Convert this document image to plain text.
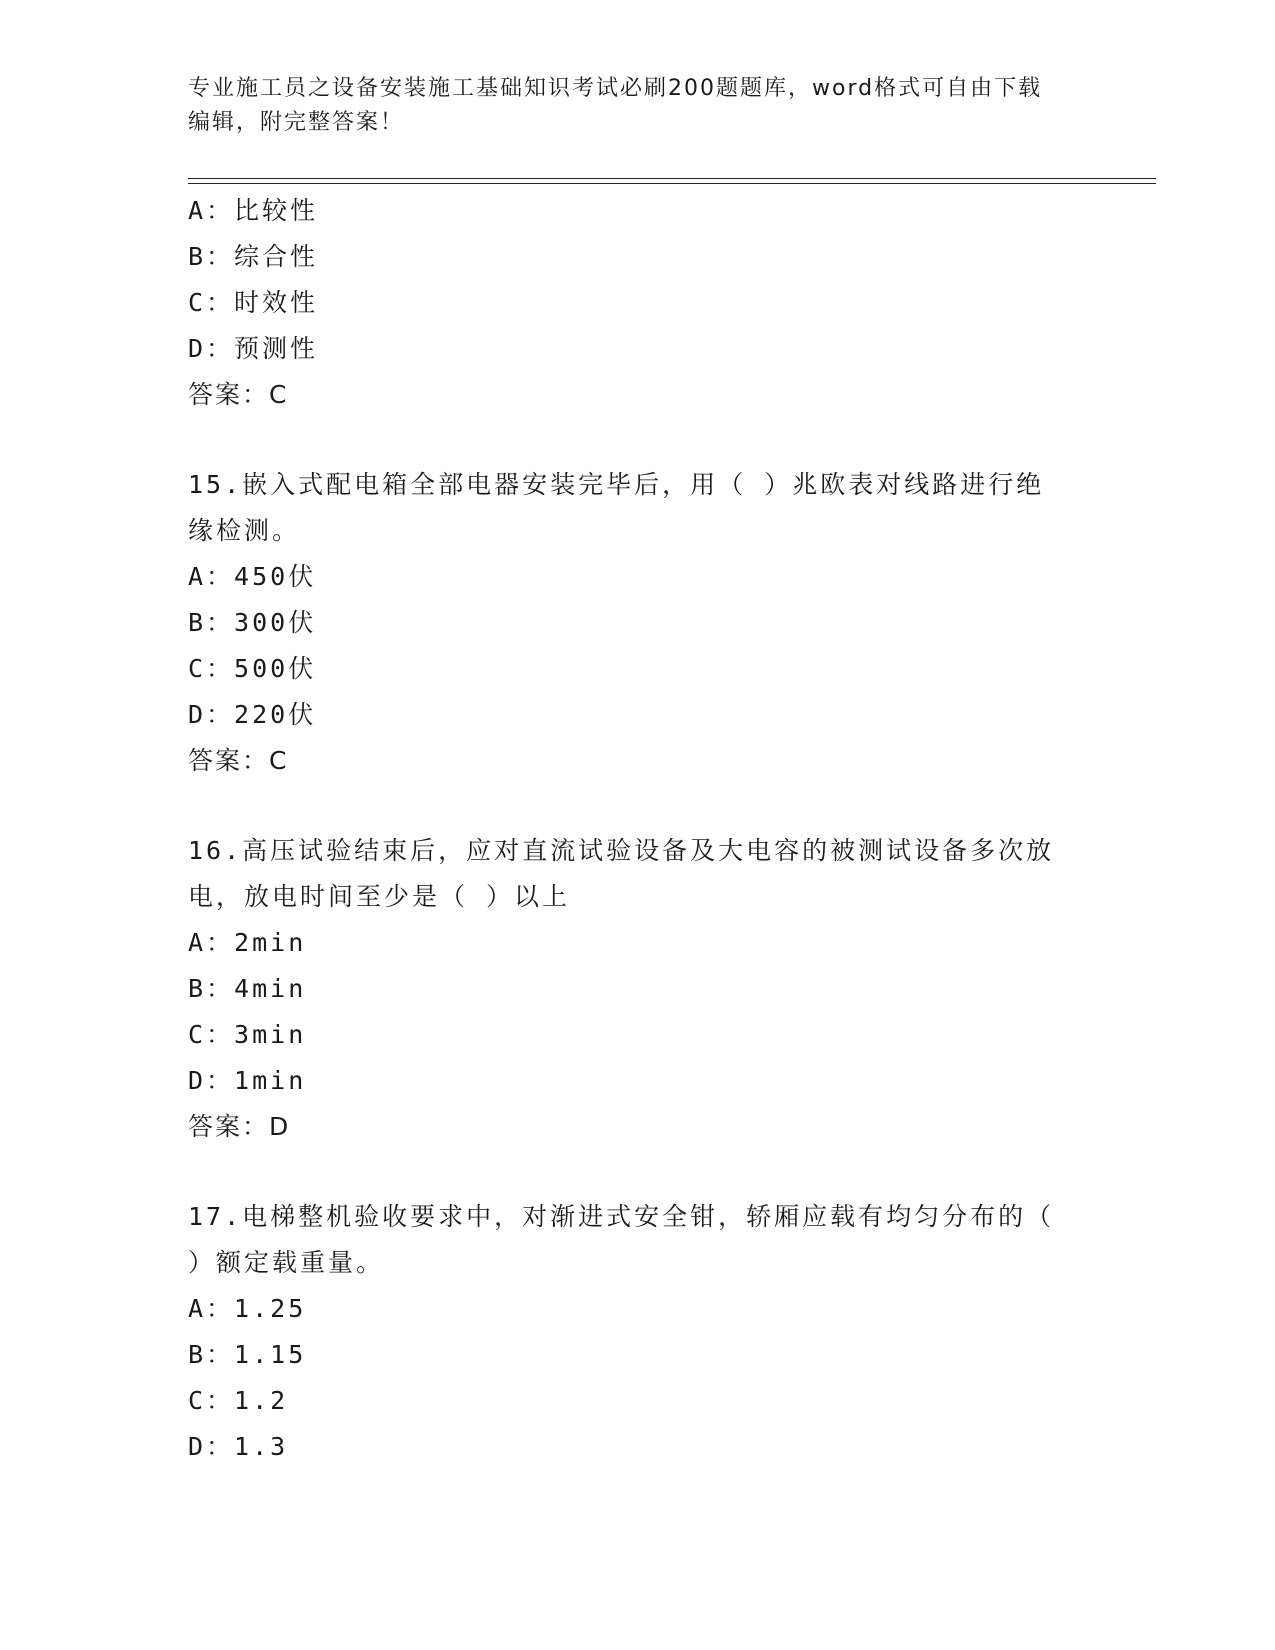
专业施工员之设备安装施工基础知识考试必刷200题题库，word格式可自由下载
编辑，附完整答案！
A：比较性
B：综合性
C：时效性
D：预测性
答案：C
15.嵌入式配电箱全部电器安装完毕后，用（ ）兆欧表对线路进行绝
缘检测。
A：450伏
B：300伏
C：500伏
D：220伏
答案：C
16.高压试验结束后，应对直流试验设备及大电容的被测试设备多次放
电，放电时间至少是（ ）以上
A：2min
B：4min
C：3min
D：1min
答案：D
17.电梯整机验收要求中，对渐进式安全钳，轿厢应载有均匀分布的（
）额定载重量。
A：1.25
B：1.15
C：1.2
D：1.3
